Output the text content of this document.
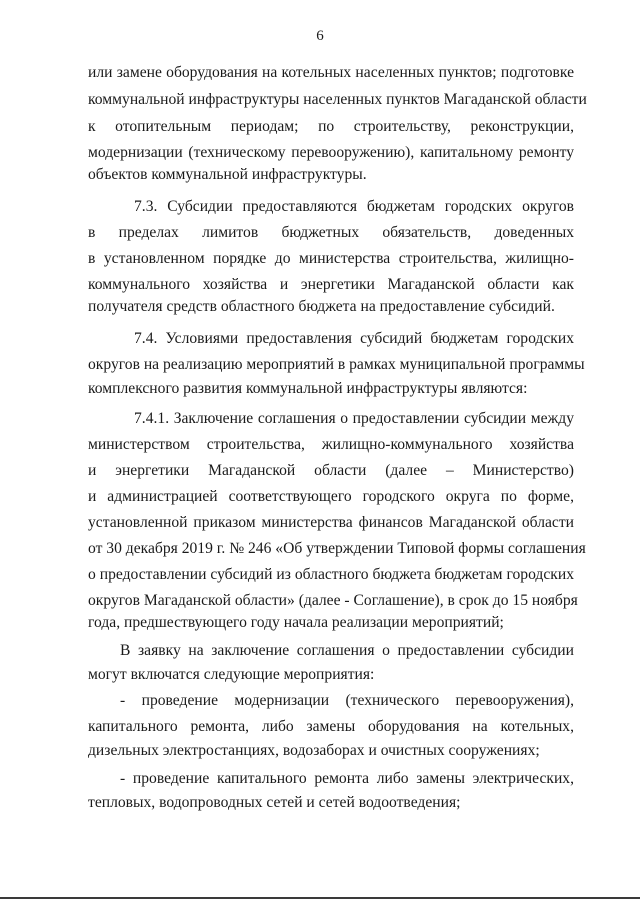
6
или замене оборудования на котельных населенных пунктов; подготовке
коммунальной инфраструктуры населенных пунктов Магаданской области
к отопительным периодам; по строительству, реконструкции,
модернизации (техническому перевооружению), капитальному ремонту
объектов коммунальной инфраструктуры.
7.3. Субсидии предоставляются бюджетам городских округов
в пределах лимитов бюджетных обязательств, доведенных
в установленном порядке до министерства строительства, жилищно-
коммунального хозяйства и энергетики Магаданской области как
получателя средств областного бюджета на предоставление субсидий.
7.4. Условиями предоставления субсидий бюджетам городских
округов на реализацию мероприятий в рамках муниципальной программы
комплексного развития коммунальной инфраструктуры являются:
7.4.1. Заключение соглашения о предоставлении субсидии между
министерством строительства, жилищно-коммунального хозяйства
и энергетики Магаданской области (далее – Министерство)
и администрацией соответствующего городского округа по форме,
установленной приказом министерства финансов Магаданской области
от 30 декабря 2019 г. № 246 «Об утверждении Типовой формы соглашения
о предоставлении субсидий из областного бюджета бюджетам городских
округов Магаданской области» (далее - Соглашение), в срок до 15 ноября
года, предшествующего году начала реализации мероприятий;
В заявку на заключение соглашения о предоставлении субсидии
могут включатся следующие мероприятия:
- проведение модернизации (технического перевооружения),
капитального ремонта, либо замены оборудования на котельных,
дизельных электростанциях, водозаборах и очистных сооружениях;
- проведение капитального ремонта либо замены электрических,
тепловых, водопроводных сетей и сетей водоотведения;
